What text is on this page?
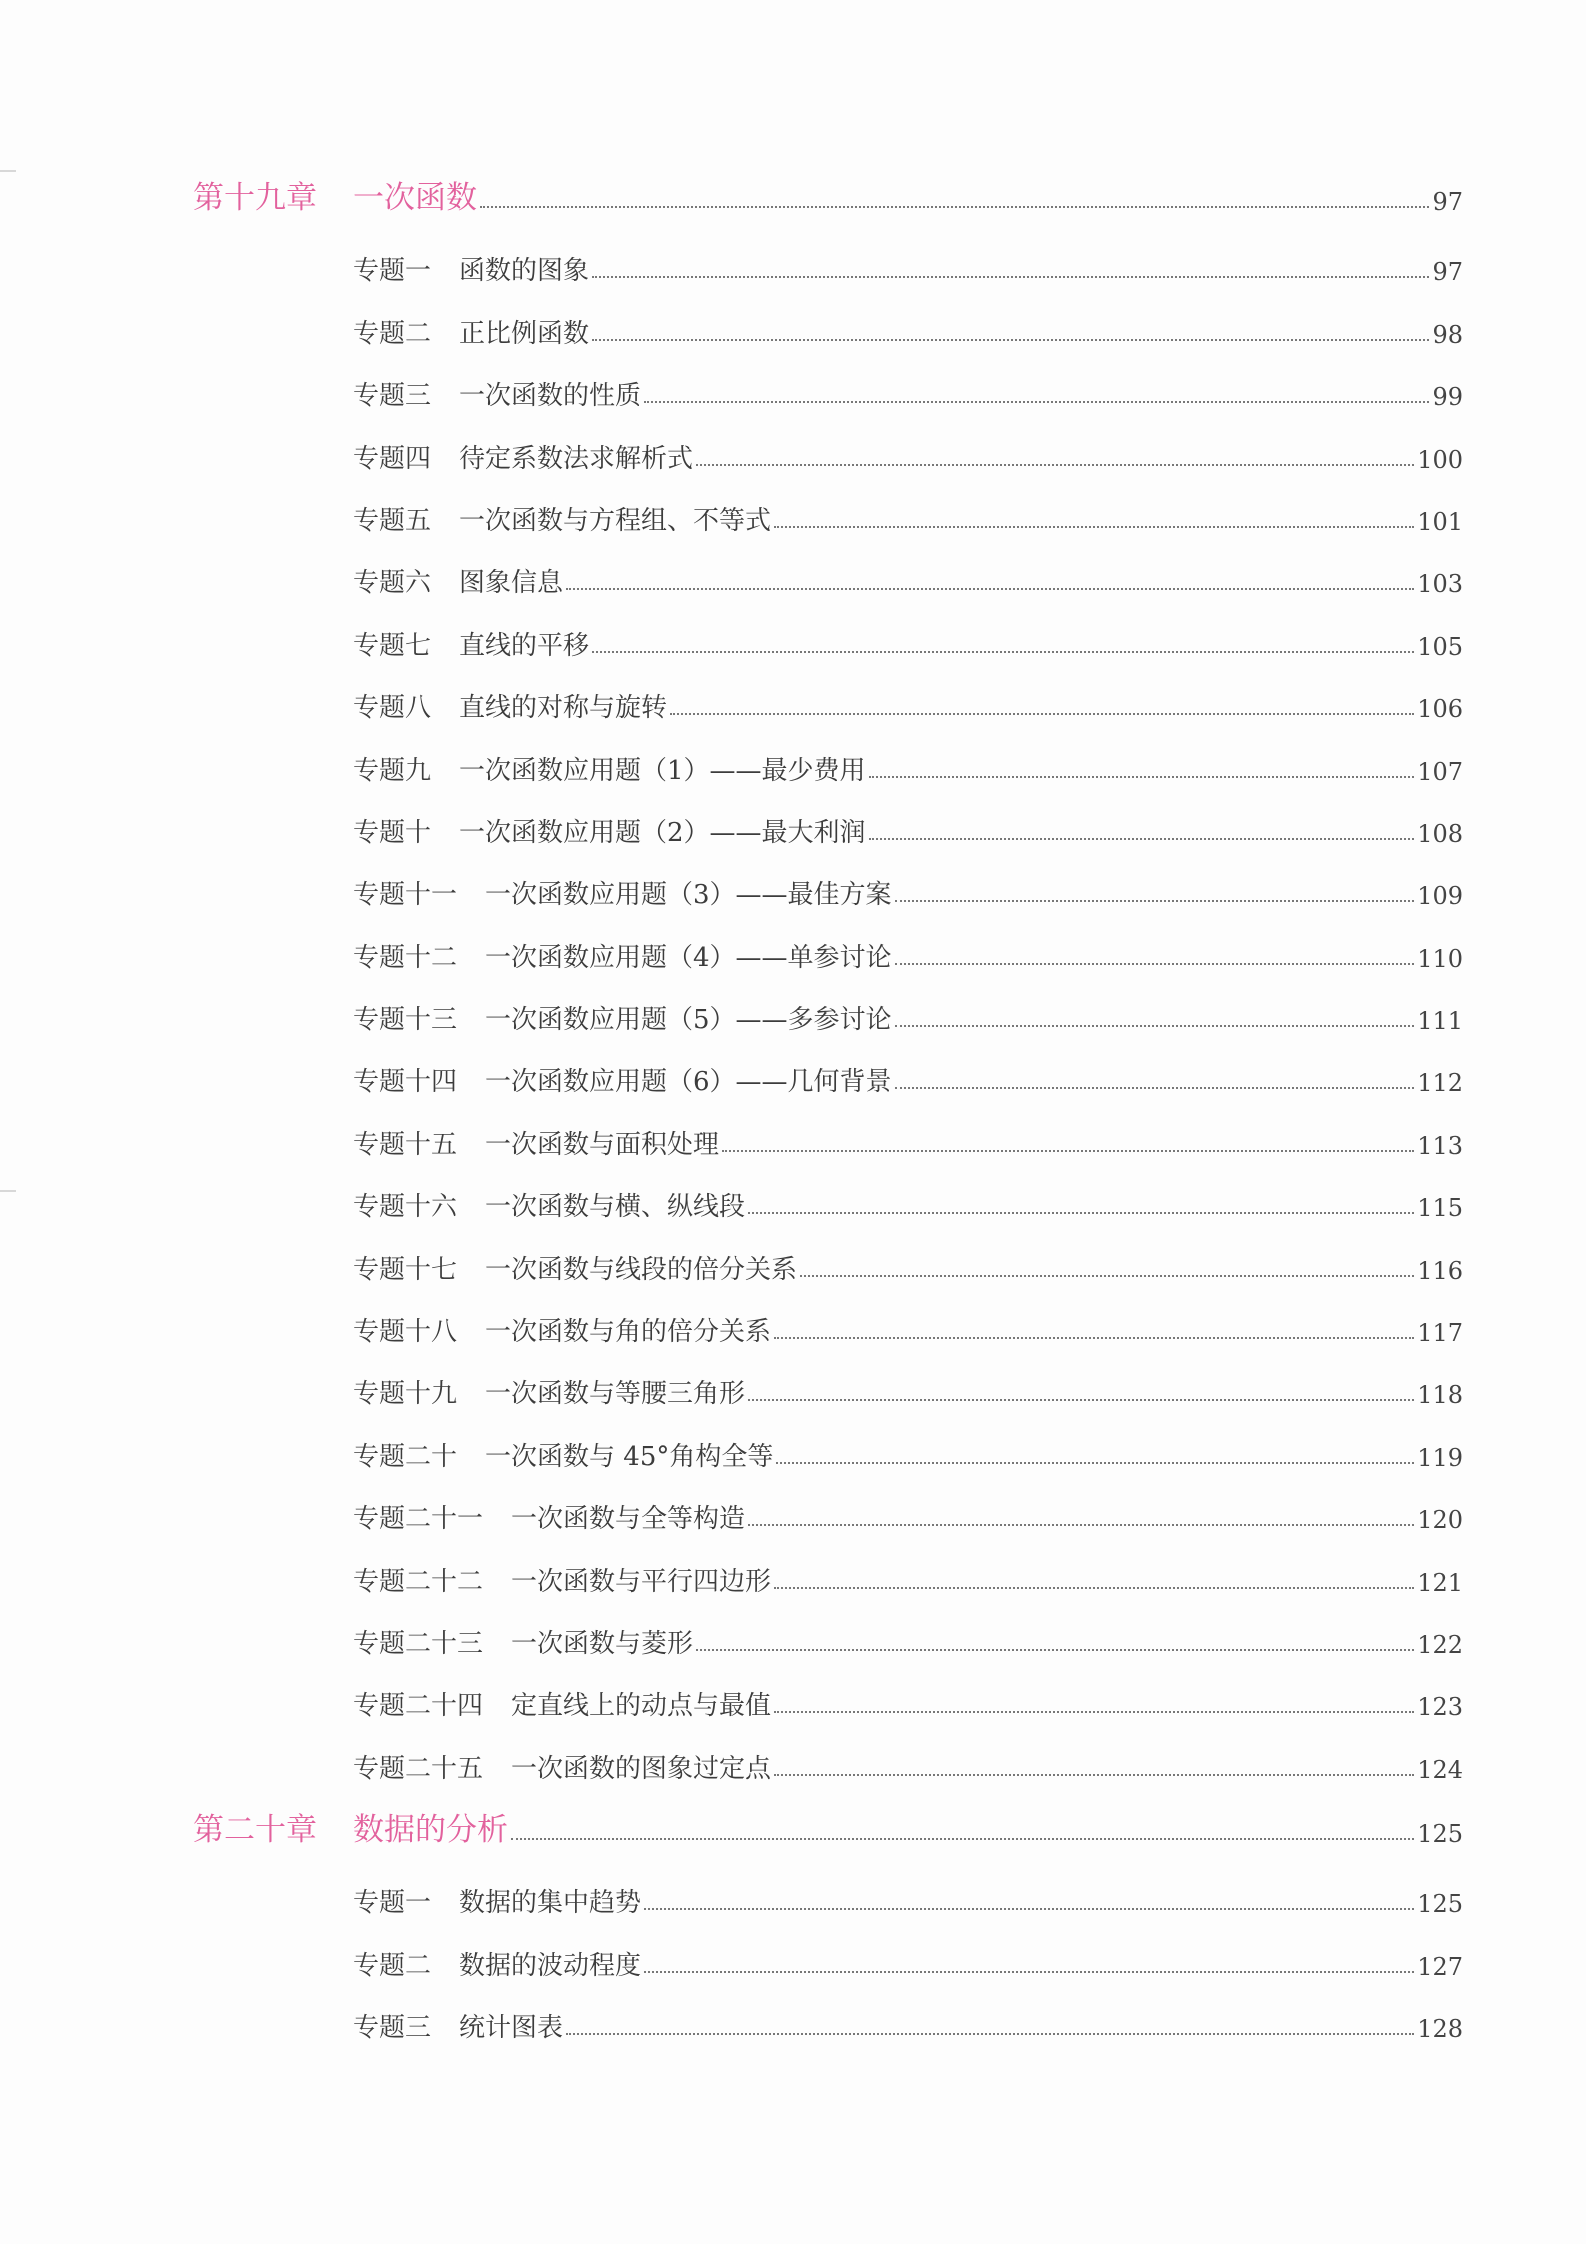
第十九章	一次函数	97
专题一 函数的图象	97
专题二 正比例函数	98
专题三 一次函数的性质	99
专题四 待定系数法求解析式	100
专题五 一次函数与方程组、不等式	101
专题六 图象信息	103
专题七 直线的平移	105
专题八 直线的对称与旋转	106
专题九 一次函数应用题（1）——最少费用	107
专题十 一次函数应用题（2）——最大利润	108
专题十一 一次函数应用题（3）——最佳方案	109
专题十二 一次函数应用题（4）——单参讨论	110
专题十三 一次函数应用题（5）——多参讨论	111
专题十四 一次函数应用题（6）——几何背景	112
专题十五 一次函数与面积处理	113
专题十六 一次函数与横、纵线段	115
专题十七 一次函数与线段的倍分关系	116
专题十八 一次函数与角的倍分关系	117
专题十九 一次函数与等腰三角形	118
专题二十 一次函数与 45°角构全等	119
专题二十一 一次函数与全等构造	120
专题二十二 一次函数与平行四边形	121
专题二十三 一次函数与菱形	122
专题二十四 定直线上的动点与最值	123
专题二十五 一次函数的图象过定点	124
第二十章	数据的分析	125
专题一 数据的集中趋势	125
专题二 数据的波动程度	127
专题三 统计图表	128
